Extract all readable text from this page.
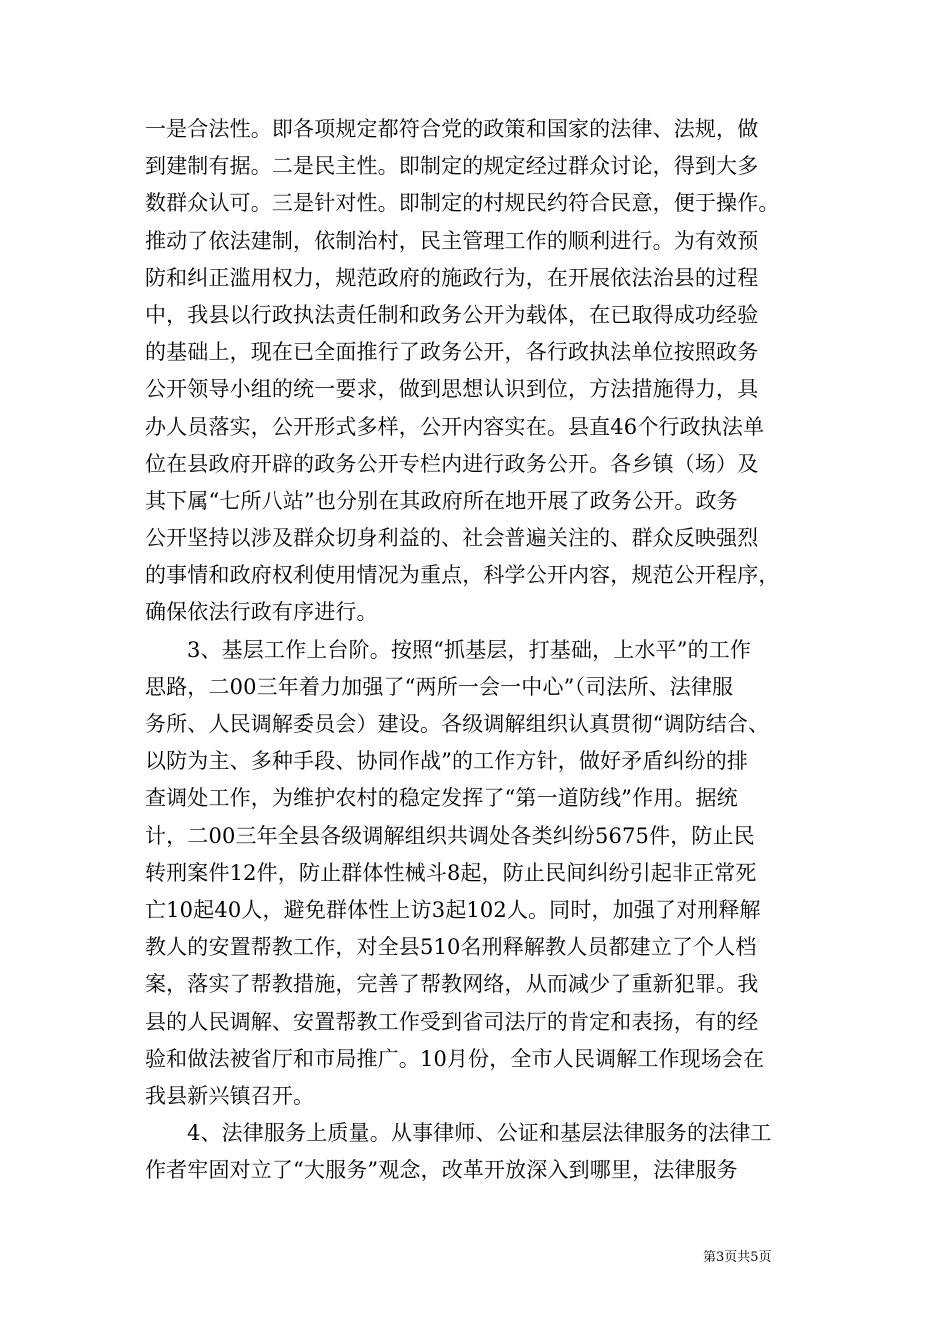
一是合法性。即各项规定都符合党的政策和国家的法律、法规，做
到建制有据。二是民主性。即制定的规定经过群众讨论，得到大多
数群众认可。三是针对性。即制定的村规民约符合民意，便于操作。
推动了依法建制，依制治村，民主管理工作的顺利进行。为有效预
防和纠正滥用权力，规范政府的施政行为，在开展依法治县的过程
中，我县以行政执法责任制和政务公开为载体，在已取得成功经验
的基础上，现在已全面推行了政务公开，各行政执法单位按照政务
公开领导小组的统一要求，做到思想认识到位，方法措施得力，具
办人员落实，公开形式多样，公开内容实在。县直46个行政执法单
位在县政府开辟的政务公开专栏内进行政务公开。各乡镇（场）及
其下属“七所八站”也分别在其政府所在地开展了政务公开。政务
公开坚持以涉及群众切身利益的、社会普遍关注的、群众反映强烈
的事情和政府权利使用情况为重点，科学公开内容，规范公开程序，
确保依法行政有序进行。
3、基层工作上台阶。按照“抓基层，打基础，上水平”的工作
思路，二00三年着力加强了“两所一会一中心”（司法所、法律服
务所、人民调解委员会）建设。各级调解组织认真贯彻“调防结合、
以防为主、多种手段、协同作战”的工作方针，做好矛盾纠纷的排
查调处工作，为维护农村的稳定发挥了“第一道防线”作用。据统
计，二00三年全县各级调解组织共调处各类纠纷5675件，防止民
转刑案件12件，防止群体性械斗8起，防止民间纠纷引起非正常死
亡10起40人，避免群体性上访3起102人。同时，加强了对刑释解
教人的安置帮教工作，对全县510名刑释解教人员都建立了个人档
案，落实了帮教措施，完善了帮教网络，从而减少了重新犯罪。我
县的人民调解、安置帮教工作受到省司法厅的肯定和表扬，有的经
验和做法被省厅和市局推广。10月份，全市人民调解工作现场会在
我县新兴镇召开。
4、法律服务上质量。从事律师、公证和基层法律服务的法律工
作者牢固对立了“大服务”观念，改革开放深入到哪里，法律服务
第3页共5页
